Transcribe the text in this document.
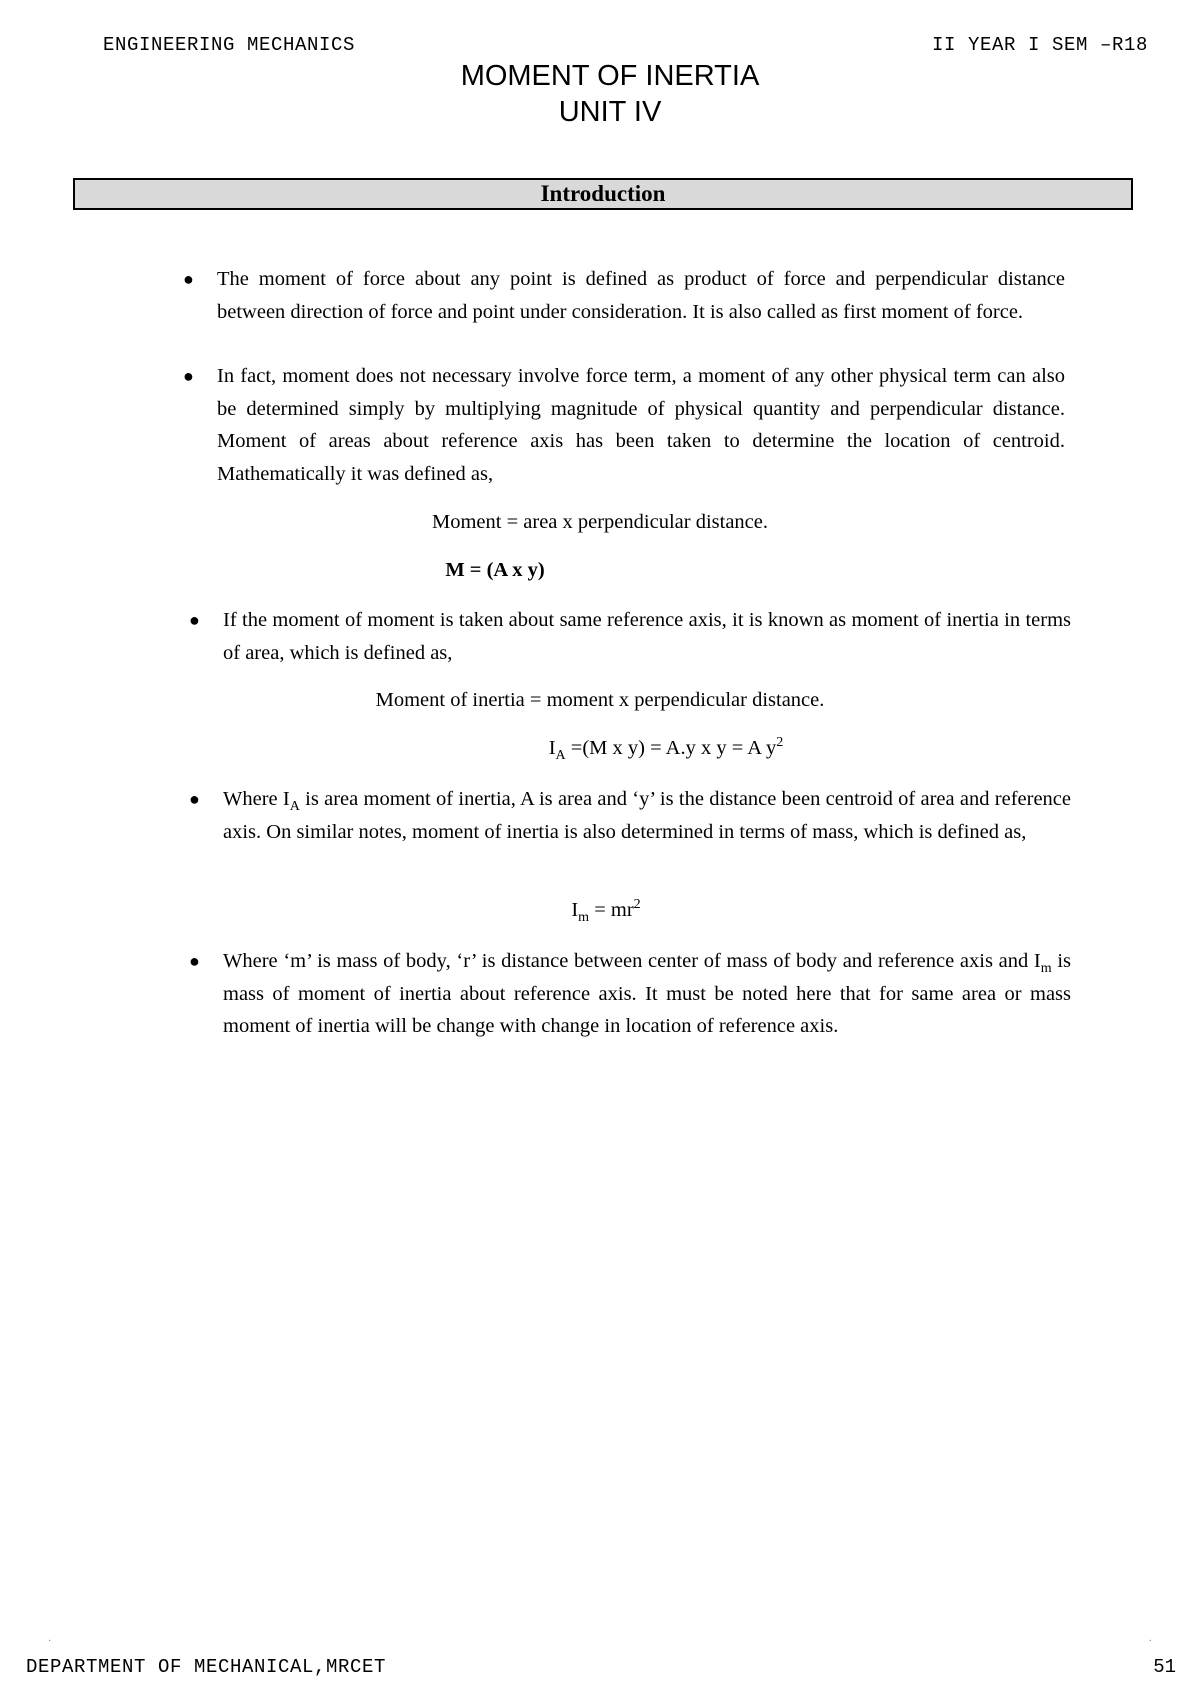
ENGINEERING MECHANICS	II YEAR I SEM –R18
MOMENT OF INERTIA
UNIT IV
Introduction
● The moment of force about any point is defined as product of force and perpendicular distance between direction of force and point under consideration. It is also called as first moment of force.
● In fact, moment does not necessary involve force term, a moment of any other physical term can also be determined simply by multiplying magnitude of physical quantity and perpendicular distance. Moment of areas about reference axis has been taken to determine the location of centroid. Mathematically it was defined as,
Moment = area x perpendicular distance.
M = (A x y)
● If the moment of moment is taken about same reference axis, it is known as moment of inertia in terms of area, which is defined as,
Moment of inertia = moment x perpendicular distance.
$I_A =(M$ x y) = A.y x y = A $y^2$
● Where $I_A$ is area moment of inertia, A is area and ‘y’ is the distance been centroid of area and reference axis. On similar notes, moment of inertia is also determined in terms of mass, which is defined as,
$I_m = mr^2$
● Where ‘m’ is mass of body, ‘r’ is distance between center of mass of body and reference axis and $I_m$ is mass of moment of inertia about reference axis. It must be noted here that for same area or mass moment of inertia will be change with change in location of reference axis.
·	·
DEPARTMENT OF MECHANICAL,MRCET	51
